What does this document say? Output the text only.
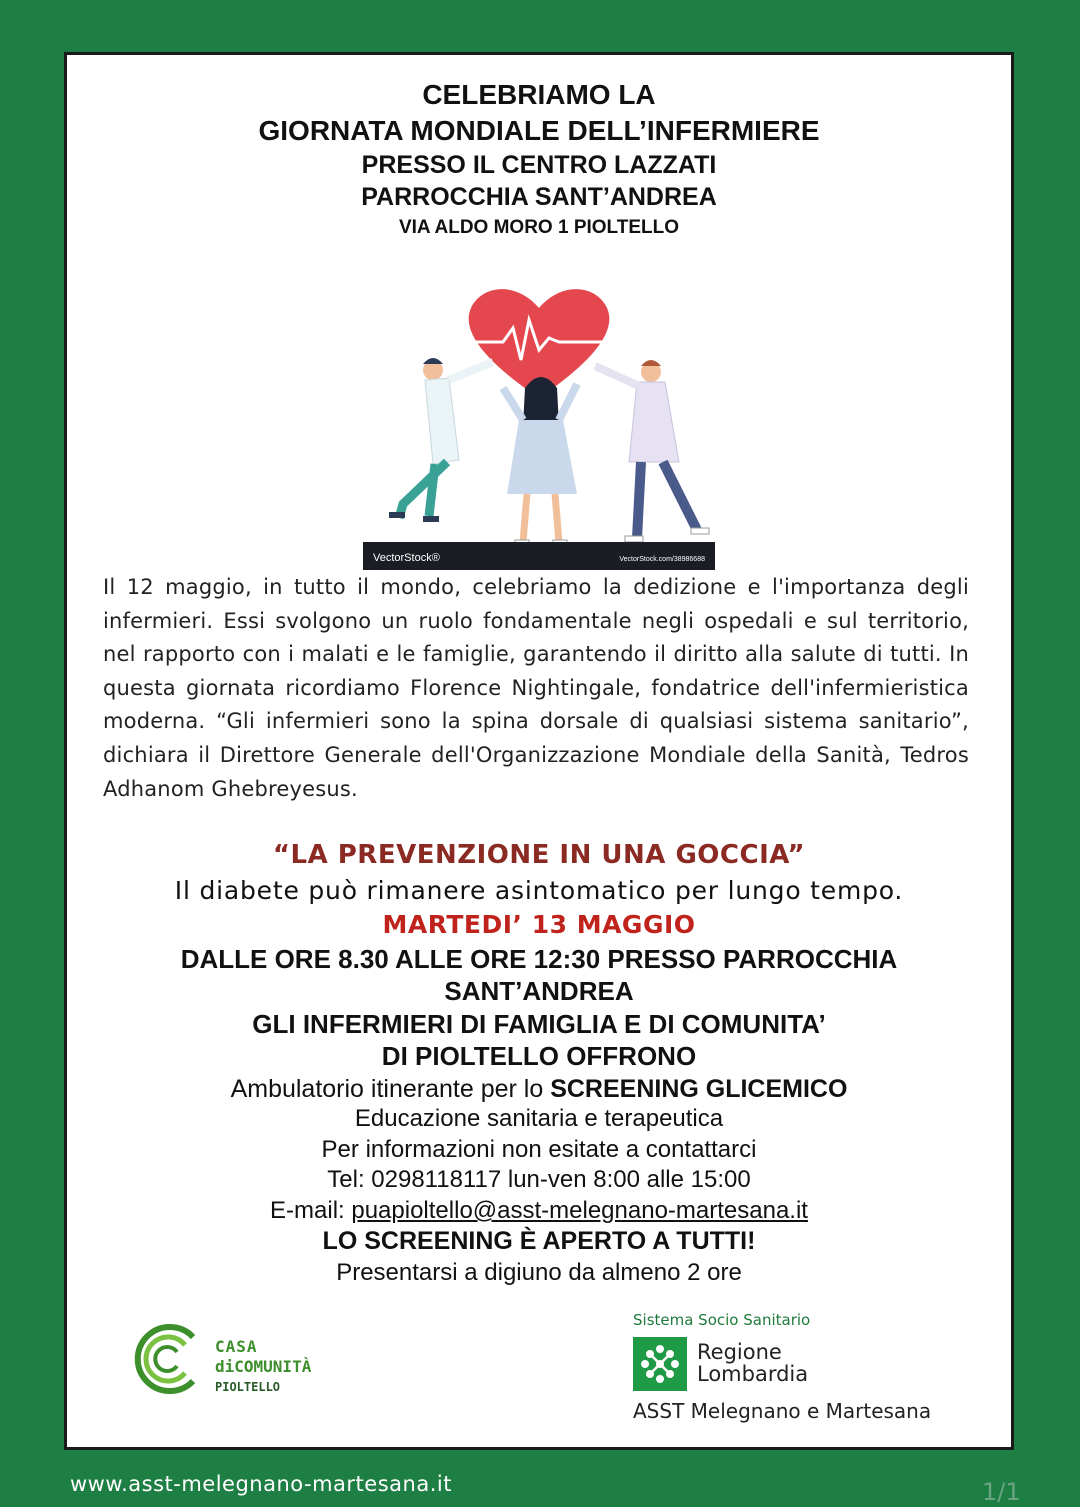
CELEBRIAMO LA
GIORNATA MONDIALE DELL’INFERMIERE
PRESSO IL CENTRO LAZZATI
PARROCCHIA SANT’ANDREA
VIA ALDO MORO 1 PIOLTELLO
VectorStock®	VectorStock.com/38986688
Il 12 maggio, in tutto il mondo, celebriamo la dedizione e l'importanza degli infermieri. Essi svolgono un ruolo fondamentale negli ospedali e sul territorio, nel rapporto con i malati e le famiglie, garantendo il diritto alla salute di tutti. In questa giornata ricordiamo Florence Nightingale, fondatrice dell'infermieristica moderna. “Gli infermieri sono la spina dorsale di qualsiasi sistema sanitario”, dichiara il Direttore Generale dell'Organizzazione Mondiale della Sanità, Tedros Adhanom Ghebreyesus.
“LA PREVENZIONE IN UNA GOCCIA”
Il diabete può rimanere asintomatico per lungo tempo.
MARTEDI’ 13 MAGGIO
DALLE ORE 8.30 ALLE ORE 12:30 PRESSO PARROCCHIA
SANT’ANDREA
GLI INFERMIERI DI FAMIGLIA E DI COMUNITA’
DI PIOLTELLO OFFRONO
Ambulatorio itinerante per lo SCREENING GLICEMICO
Educazione sanitaria e terapeutica
Per informazioni non esitate a contattarci
Tel: 0298118117 lun-ven 8:00 alle 15:00
E-mail: puapioltello@asst-melegnano-martesana.it
LO SCREENING È APERTO A TUTTI!
Presentarsi a digiuno da almeno 2 ore
CASA
diCOMUNITÀ
PIOLTELLO
Sistema Socio Sanitario
Regione
Lombardia
ASST Melegnano e Martesana
www.asst-melegnano-martesana.it	1/1
